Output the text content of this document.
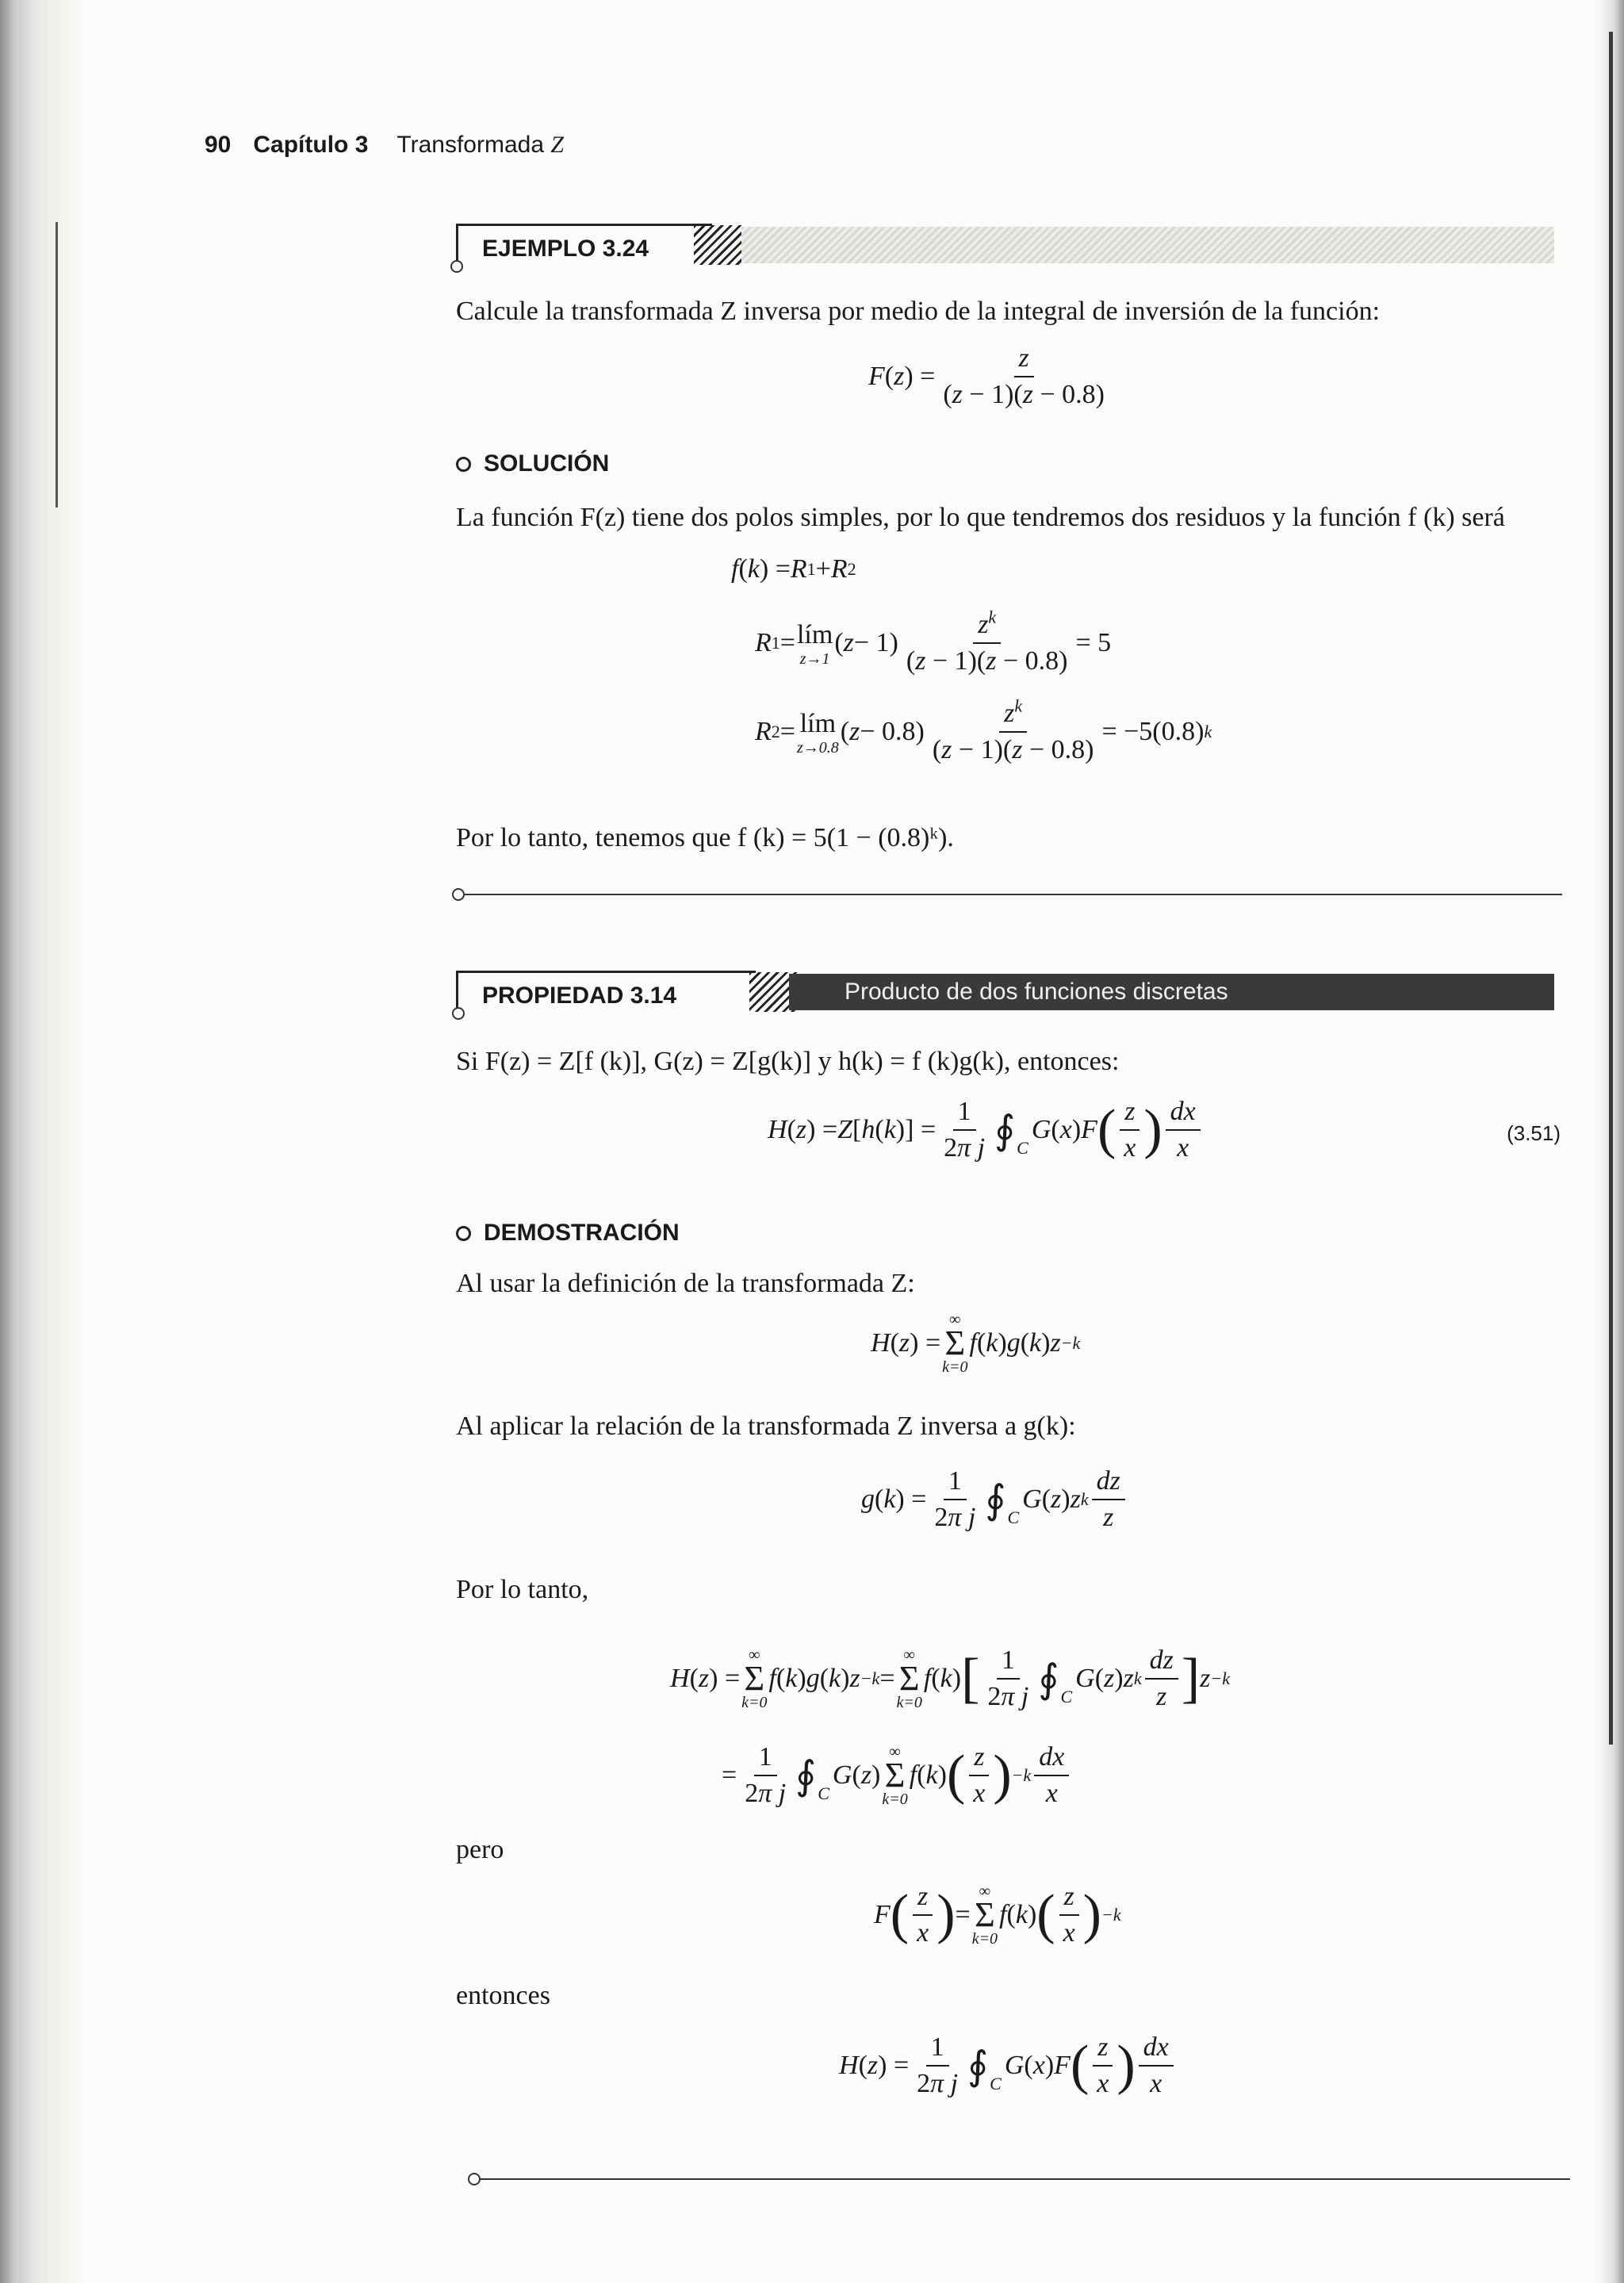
90 Capítulo 3 Transformada Z
EJEMPLO 3.24
Calcule la transformada Z inversa por medio de la integral de inversión de la función:
F ( z ) = $\frac{z}{(z - 1)(z - 0.8)}$
SOLUCIÓN
La función F(z) tiene dos polos simples, por lo que tendremos dos residuos y la función f (k) será
f ( k ) = R 1 + R 2
R 1 = lím
z→1
( $z - 1) \frac{z^k}{(z - 1)(z - 0.8)} = 5$
R 2 = lím
z→0.8
( $z - 0.8) \frac{z^k}{(z - 1)(z - 0.8)} = -5(0.8)$ k
Por lo tanto, tenemos que f (k) = 5(1 − (0.8)ᵏ).
PROPIEDAD 3.14	Producto de dos funciones discretas
Si F(z) = Z[f (k)], G(z) = Z[g(k)] y h(k) = f (k)g(k), entonces:
H ( z ) = Z [ h ( k )] = $\frac{1}{\text{2π j}}$ ∮ C
G ( x ) F ( $\frac{z}{x}$ ) $\frac{dx}{x}$	(3.51)
DEMOSTRACIÓN
Al usar la definición de la transformada Z:
H ( z ) =
∞
Σ
k=0
f ( k ) g ( k ) z −k
Al aplicar la relación de la transformada Z inversa a g(k):
g ( k ) = $\frac{1}{\text{2π j}}$ ∮ C
G ( z ) z k $\frac{dz}{z}$
Por lo tanto,
H ( z ) =
∞
Σ
k=0
f ( k ) g ( k ) z −k =
∞
Σ
k=0
f ( k ) [ $\frac{1}{\text{2π j}}$ ∮ C
G ( z ) z k $\frac{dz}{z}$ ] z −k
= $\frac{1}{\text{2π j}}$ ∮ C
G ( z )
∞
Σ
k=0
f ( k ) ( $\frac{z}{x}$ ) $-k \frac{dx}{x}$
pero
F ( $\frac{z}{x}$ ) =
∞
Σ
k=0
f ( k ) ( $\frac{z}{x}$ ) −k
entonces
H ( z ) = $\frac{1}{\text{2π j}}$ ∮ C
G ( x ) F ( $\frac{z}{x}$ ) $\frac{dx}{x}$
